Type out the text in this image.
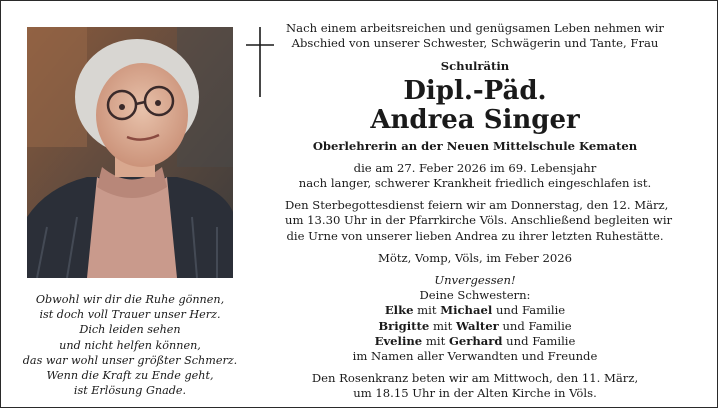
Obwohl wir dir die Ruhe gönnen,
ist doch voll Trauer unser Herz.
Dich leiden sehen
und nicht helfen können,
das war wohl unser größter Schmerz.
Wenn die Kraft zu Ende geht,
ist Erlösung Gnade.
Nach einem arbeitsreichen und genügsamen Leben nehmen wir
Abschied von unserer Schwester, Schwägerin und Tante, Frau
Schulrätin
Dipl.-Päd.
Andrea Singer
Oberlehrerin an der Neuen Mittelschule Kematen
die am 27. Feber 2026 im 69. Lebensjahr
nach langer, schwerer Krankheit friedlich eingeschlafen ist.
Den Sterbegottesdienst feiern wir am Donnerstag, den 12. März,
um 13.30 Uhr in der Pfarrkirche Völs. Anschließend begleiten wir
die Urne von unserer lieben Andrea zu ihrer letzten Ruhestätte.
Mötz, Vomp, Völs, im Feber 2026
Unvergessen!
Deine Schwestern:
Elke mit Michael und Familie
Brigitte mit Walter und Familie
Eveline mit Gerhard und Familie
im Namen aller Verwandten und Freunde
Den Rosenkranz beten wir am Mittwoch, den 11. März,
um 18.15 Uhr in der Alten Kirche in Völs.
